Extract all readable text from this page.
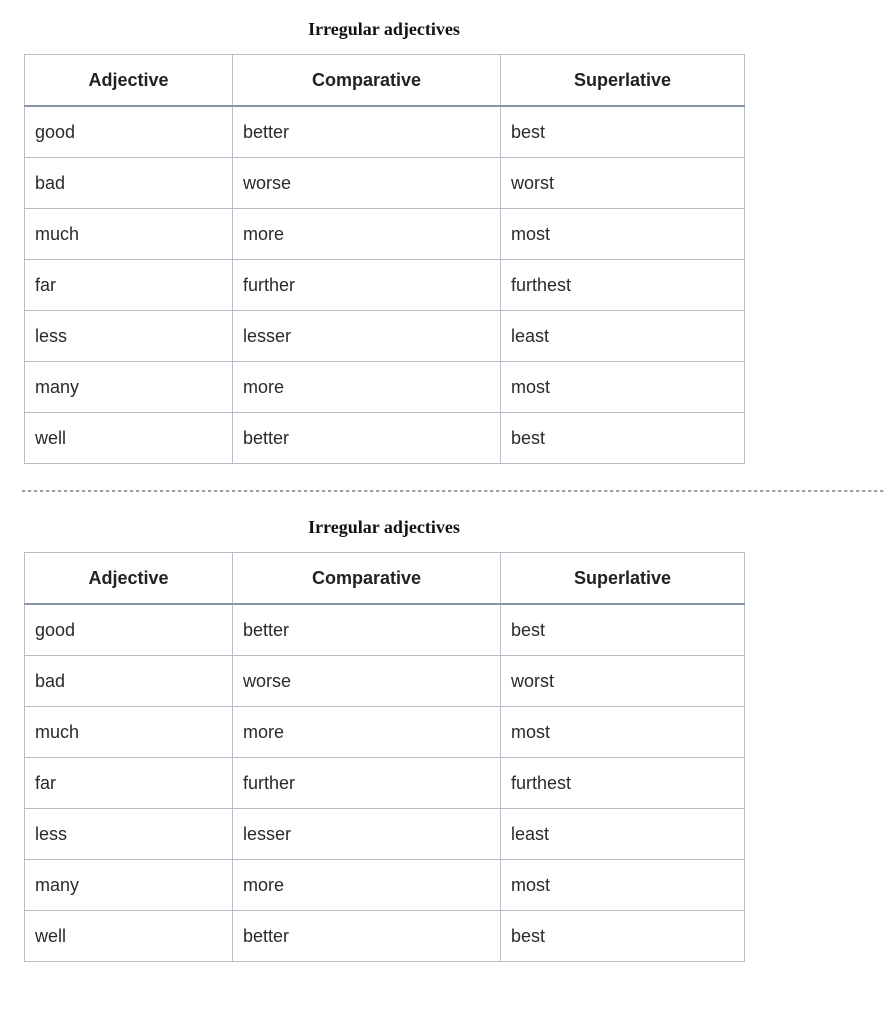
Irregular adjectives
Adjective	Comparative	Superlative
good	better	best
bad	worse	worst
much	more	most
far	further	furthest
less	lesser	least
many	more	most
well	better	best
------------------------------------------------------------------------------------------------------------------------------------------------
Irregular adjectives
Adjective	Comparative	Superlative
good	better	best
bad	worse	worst
much	more	most
far	further	furthest
less	lesser	least
many	more	most
well	better	best
